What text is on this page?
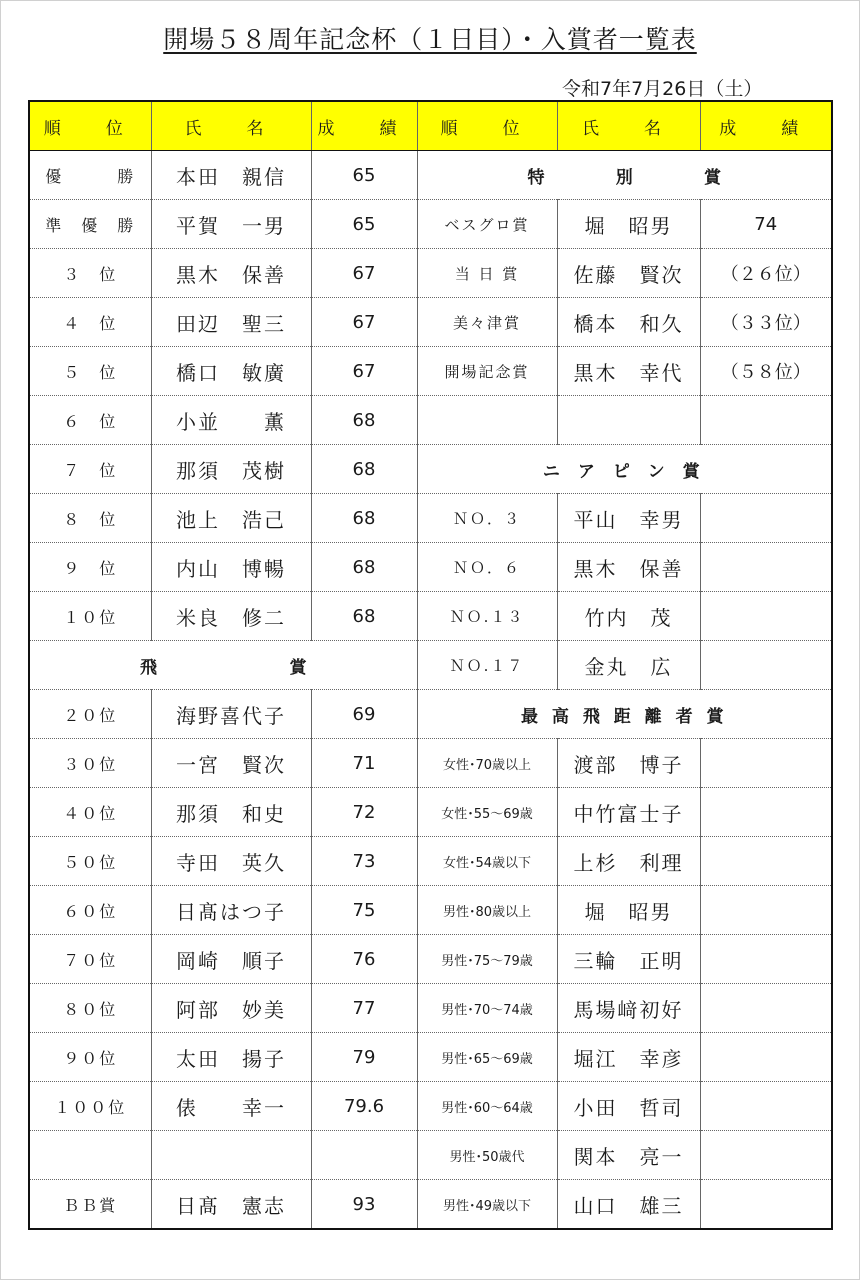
開場５８周年記念杯（１日目）・入賞者一覧表
令和7年7月26日（土）
順　位	氏　名	成　績	順　位	氏　名	成　績
優　　　勝	本田　親信	65	特 別 賞		

準　優　勝	平賀　一男	65	ベスグロ賞	堀　昭男	74
３　位	黒木　保善	67	当 日 賞	佐藤　賢次	（２６位）
４　位	田辺　聖三	67	美々津賞	橋本　和久	（３３位）
５　位	橋口　敏廣	67	開場記念賞	黒木　幸代	（５８位）
６　位	小並　　薫	68			
７　位	那須　茂樹	68	ニ ア ピ ン 賞		
８　位	池上　浩己	68	ＮＯ．３	平山　幸男	
９　位	内山　博暢	68	ＮＯ．６	黒木　保善	
１０位	米良　修二	68	ＮＯ.１３	竹内　茂	

飛 賞			ＮＯ.１７	金丸　広	
２０位	海野喜代子	69	最 高 飛 距 離 者 賞		
３０位	一宮　賢次	71	女性･70歳以上	渡部　博子	
４０位	那須　和史	72	女性･55～69歳	中竹富士子	
５０位	寺田　英久	73	女性･54歳以下	上杉　利理	
６０位	日髙はつ子	75	男性･80歳以上	堀　昭男	
７０位	岡崎　順子	76	男性･75～79歳	三輪　正明	
８０位	阿部　妙美	77	男性･70～74歳	馬場﨑初好	
９０位	太田　揚子	79	男性･65～69歳	堀江　幸彦	
１００位	俵　　幸一	79.6	男性･60～64歳	小田　哲司	
			男性･50歳代	関本　亮一	
ＢＢ賞	日髙　憲志	93	男性･49歳以下	山口　雄三	
